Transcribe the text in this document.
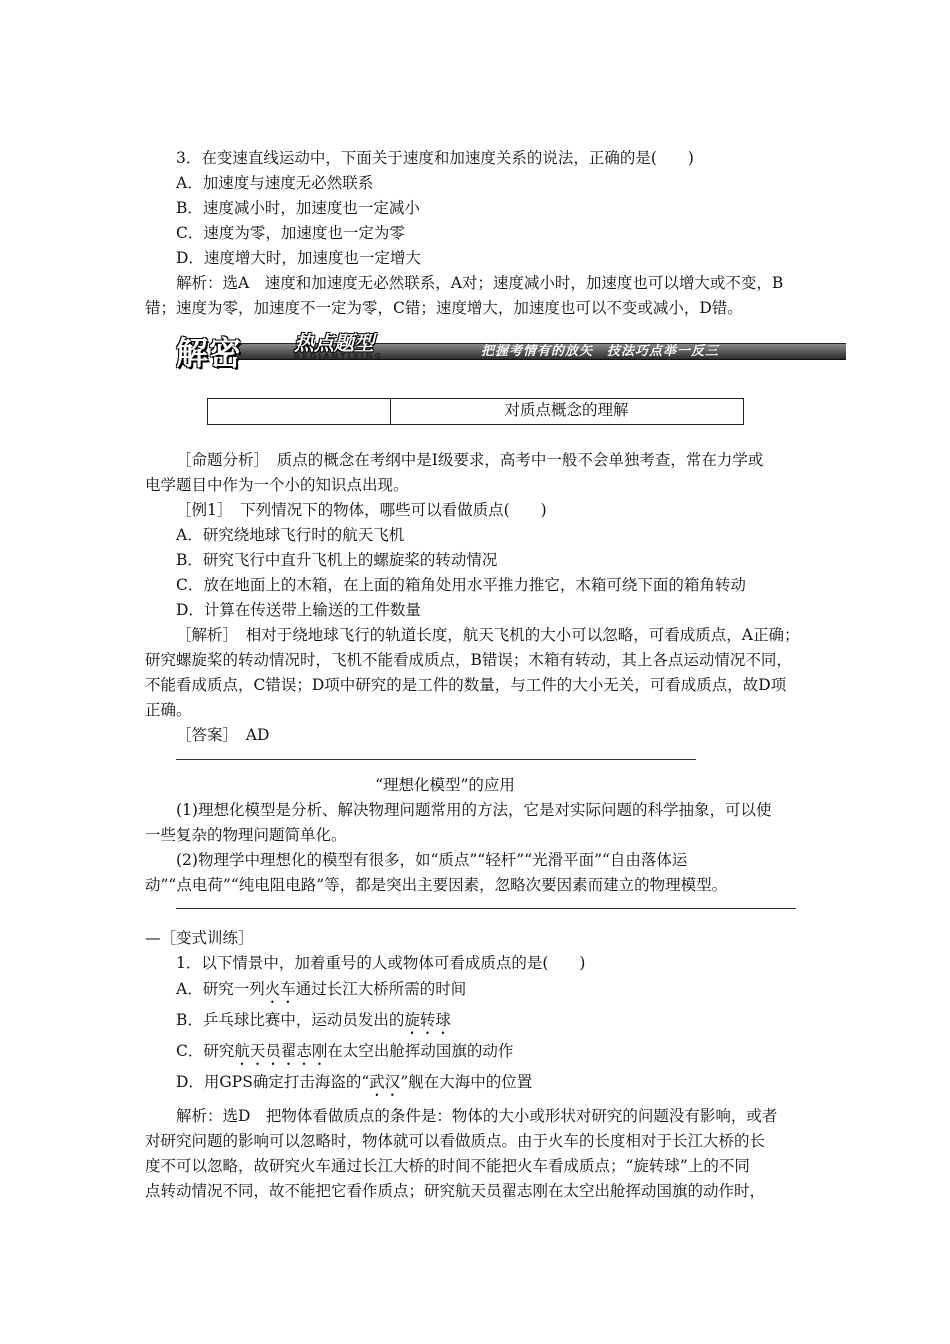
3．在变速直线运动中，下面关于速度和加速度关系的说法，正确的是(　　)
A．加速度与速度无必然联系
B．速度减小时，加速度也一定减小
C．速度为零，加速度也一定为零
D．速度增大时，加速度也一定增大
解析：选A　速度和加速度无必然联系，A对；速度减小时，加速度也可以增大或不变，B
错；速度为零，加速度不一定为零，C错；速度增大，加速度也可以不变或减小，D错。
解密	热点题型
REDIANTIXING	把握考情有的放矢　技法巧点举一反三
对质点概念的理解
［命题分析］　质点的概念在考纲中是Ⅰ级要求，高考中一般不会单独考查，常在力学或
电学题目中作为一个小的知识点出现。
［例1］　下列情况下的物体，哪些可以看做质点(　　)
A．研究绕地球飞行时的航天飞机
B．研究飞行中直升飞机上的螺旋桨的转动情况
C．放在地面上的木箱，在上面的箱角处用水平推力推它，木箱可绕下面的箱角转动
D．计算在传送带上输送的工件数量
［解析］　相对于绕地球飞行的轨道长度，航天飞机的大小可以忽略，可看成质点，A正确；
研究螺旋桨的转动情况时，飞机不能看成质点，B错误；木箱有转动，其上各点运动情况不同，
不能看成质点，C错误；D项中研究的是工件的数量，与工件的大小无关，可看成质点，故D项
正确。
［答案］　AD
“理想化模型”的应用
(1)理想化模型是分析、解决物理问题常用的方法，它是对实际问题的科学抽象，可以使
一些复杂的物理问题简单化。
(2)物理学中理想化的模型有很多，如“质点”“轻杆”“光滑平面”“自由落体运
动”“点电荷”“纯电阻电路”等，都是突出主要因素，忽略次要因素而建立的物理模型。
—［变式训练］
1．以下情景中，加着重号的人或物体可看成质点的是(　　)
A．研究一列火车通过长江大桥所需的时间
B．乒乓球比赛中，运动员发出的旋转球
C．研究航天员翟志刚在太空出舱挥动国旗的动作
D．用GPS确定打击海盗的“武汉”舰在大海中的位置
解析：选D　把物体看做质点的条件是：物体的大小或形状对研究的问题没有影响，或者
对研究问题的影响可以忽略时，物体就可以看做质点。由于火车的长度相对于长江大桥的长
度不可以忽略，故研究火车通过长江大桥的时间不能把火车看成质点；“旋转球”上的不同
点转动情况不同，故不能把它看作质点；研究航天员翟志刚在太空出舱挥动国旗的动作时，
